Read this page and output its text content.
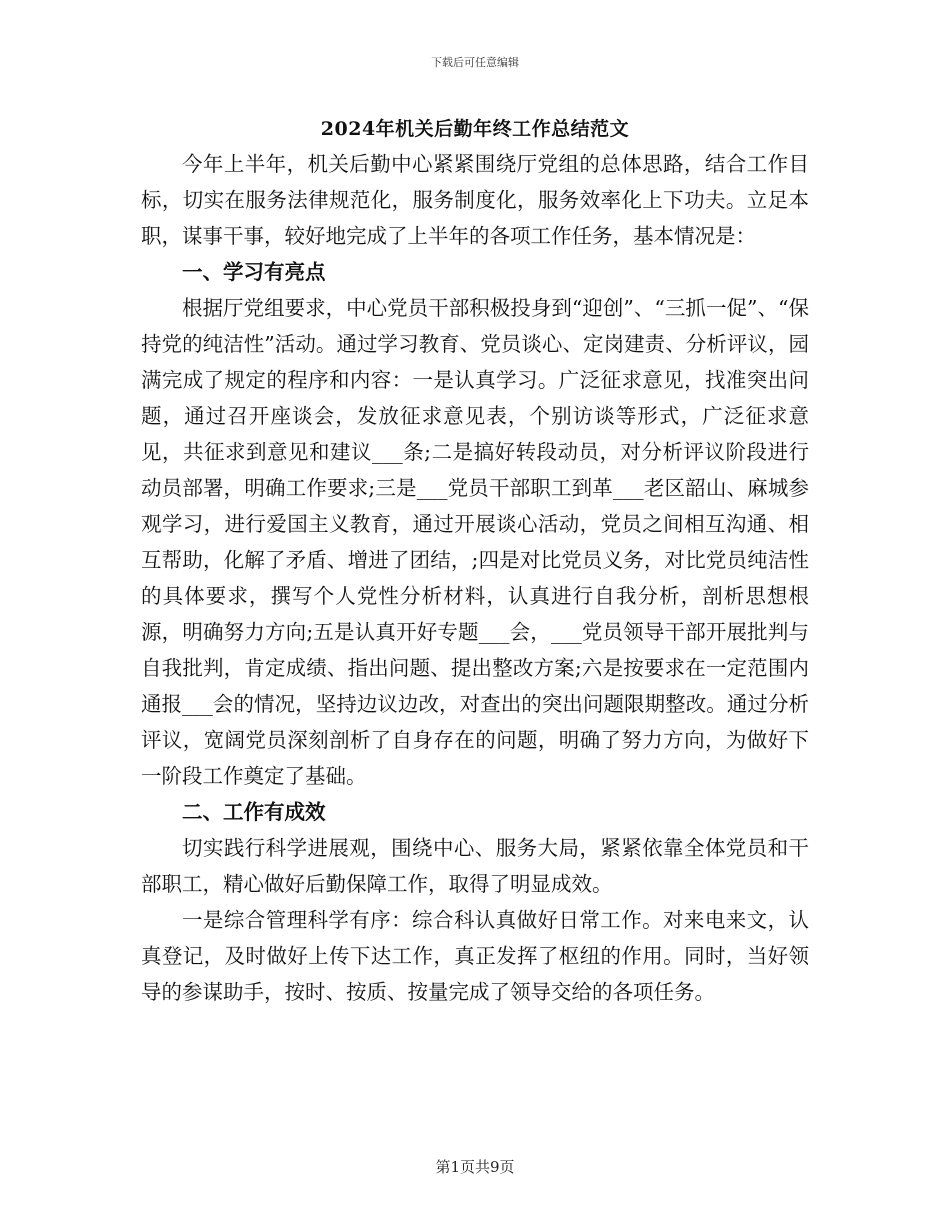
下载后可任意编辑
2024年机关后勤年终工作总结范文

今年上半年，机关后勤中心紧紧围绕厅党组的总体思路，结合工作目标，切实在服务法律规范化，服务制度化，服务效率化上下功夫。立足本职，谋事干事，较好地完成了上半年的各项工作任务，基本情况是：

一、学习有亮点

根据厅党组要求，中心党员干部积极投身到“迎创”、“三抓一促”、“保持党的纯洁性”活动。通过学习教育、党员谈心、定岗建责、分析评议，园满完成了规定的程序和内容：一是认真学习。广泛征求意见，找准突出问题，通过召开座谈会，发放征求意见表，个别访谈等形式，广泛征求意见，共征求到意见和建议___条;二是搞好转段动员，对分析评议阶段进行动员部署，明确工作要求;三是___党员干部职工到革___老区韶山、麻城参观学习，进行爱国主义教育，通过开展谈心活动，党员之间相互沟通、相互帮助，化解了矛盾、增进了团结，;四是对比党员义务，对比党员纯洁性的具体要求，撰写个人党性分析材料，认真进行自我分析，剖析思想根源，明确努力方向;五是认真开好专题___会，___党员领导干部开展批判与自我批判，肯定成绩、指出问题、提出整改方案;六是按要求在一定范围内通报___会的情况，坚持边议边改，对查出的突出问题限期整改。通过分析评议，宽阔党员深刻剖析了自身存在的问题，明确了努力方向，为做好下一阶段工作奠定了基础。

二、工作有成效

切实践行科学进展观，围绕中心、服务大局，紧紧依靠全体党员和干部职工，精心做好后勤保障工作，取得了明显成效。

一是综合管理科学有序：综合科认真做好日常工作。对来电来文，认真登记，及时做好上传下达工作，真正发挥了枢纽的作用。同时，当好领导的参谋助手，按时、按质、按量完成了领导交给的各项任务。

第1页共9页
